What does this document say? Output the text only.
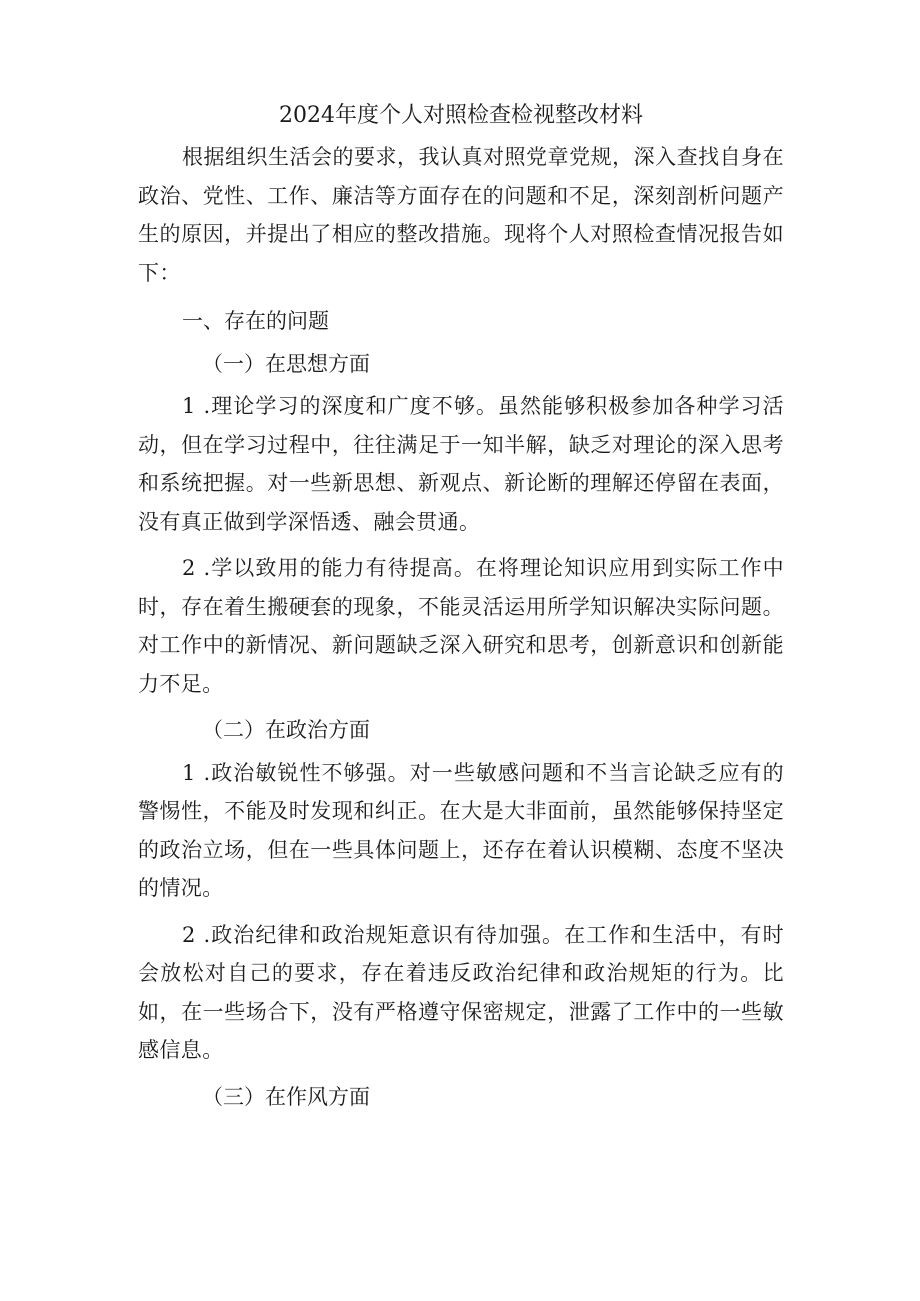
2024年度个人对照检查检视整改材料

根据组织生活会的要求，我认真对照党章党规，深入查找自身在政治、党性、工作、廉洁等方面存在的问题和不足，深刻剖析问题产生的原因，并提出了相应的整改措施。现将个人对照检查情况报告如下：

一、存在的问题
（一）在思想方面

1 .理论学习的深度和广度不够。虽然能够积极参加各种学习活动，但在学习过程中，往往满足于一知半解，缺乏对理论的深入思考和系统把握。对一些新思想、新观点、新论断的理解还停留在表面，没有真正做到学深悟透、融会贯通。

2 .学以致用的能力有待提高。在将理论知识应用到实际工作中时，存在着生搬硬套的现象，不能灵活运用所学知识解决实际问题。对工作中的新情况、新问题缺乏深入研究和思考，创新意识和创新能力不足。

（二）在政治方面

1 .政治敏锐性不够强。对一些敏感问题和不当言论缺乏应有的警惕性，不能及时发现和纠正。在大是大非面前，虽然能够保持坚定的政治立场，但在一些具体问题上，还存在着认识模糊、态度不坚决的情况。

2 .政治纪律和政治规矩意识有待加强。在工作和生活中，有时会放松对自己的要求，存在着违反政治纪律和政治规矩的行为。比如，在一些场合下，没有严格遵守保密规定，泄露了工作中的一些敏感信息。

（三）在作风方面
